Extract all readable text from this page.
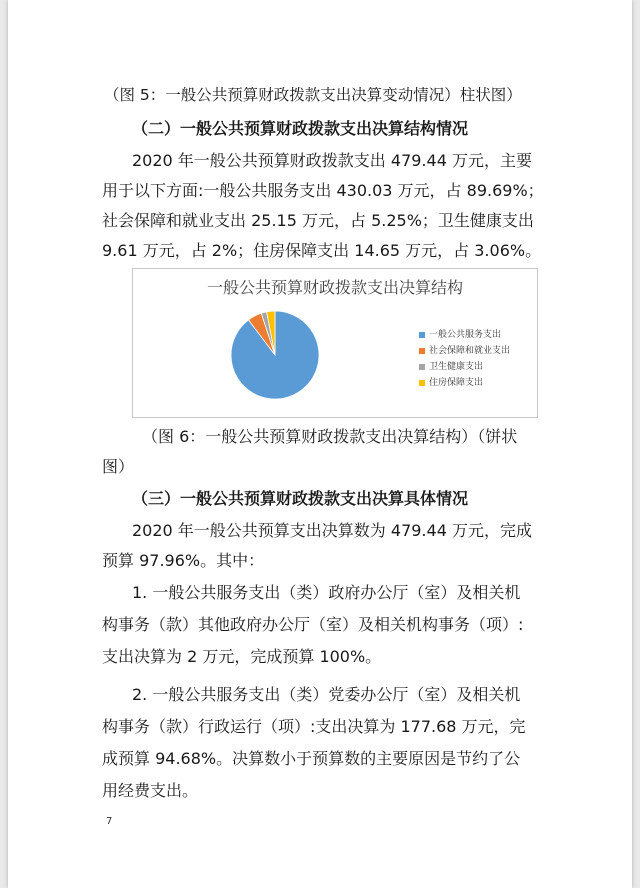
（图 5：一般公共预算财政拨款支出决算变动情况）柱状图）
（二）一般公共预算财政拨款支出决算结构情况
2020 年一般公共预算财政拨款支出 479.44 万元，主要
用于以下方面:一般公共服务支出 430.03 万元，占 89.69%；
社会保障和就业支出 25.15 万元，占 5.25%；卫生健康支出
9.61 万元，占 2%；住房保障支出 14.65 万元，占 3.06%。
一般公共预算财政拨款支出决算结构
一般公共服务支出
社会保障和就业支出
卫生健康支出
住房保障支出
（图 6：一般公共预算财政拨款支出决算结构）（饼状
图）
（三）一般公共预算财政拨款支出决算具体情况
2020 年一般公共预算支出决算数为 479.44 万元，完成
预算 97.96%。其中：
1. 一般公共服务支出（类）政府办公厅（室）及相关机
构事务（款）其他政府办公厅（室）及相关机构事务（项）:
支出决算为 2 万元，完成预算 100%。
2. 一般公共服务支出（类）党委办公厅（室）及相关机
构事务（款）行政运行（项）:支出决算为 177.68 万元，完
成预算 94.68%。决算数小于预算数的主要原因是节约了公
用经费支出。
7
